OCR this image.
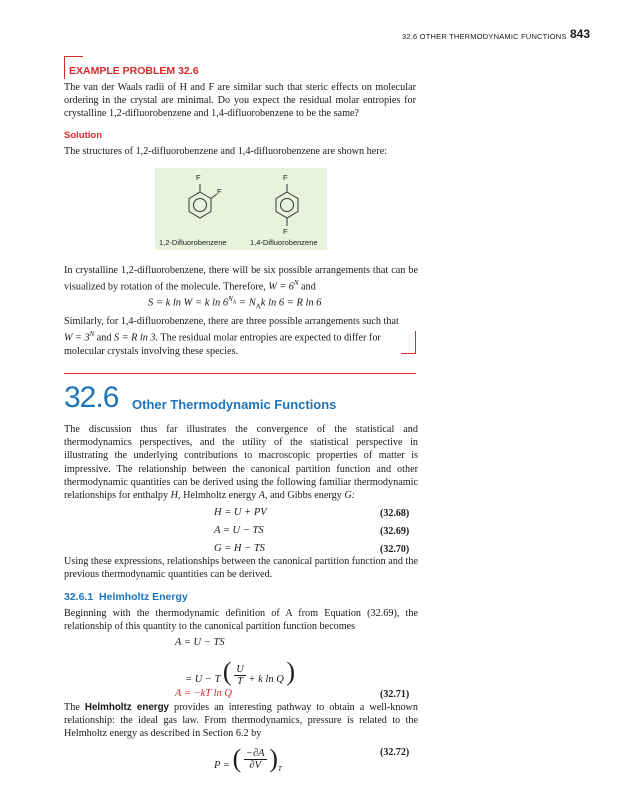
32.6 OTHER THERMODYNAMIC FUNCTIONS 843
EXAMPLE PROBLEM 32.6
The van der Waals radii of H and F are similar such that steric effects on molecular ordering in the crystal are minimal. Do you expect the residual molar entropies for crystalline 1,2-difluorobenzene and 1,4-difluorobenzene to be the same?
Solution
The structures of 1,2-difluorobenzene and 1,4-difluorobenzene are shown here:
F
F
F
F
1,2-Difluorobenzene	1,4-Difluorobenzene
In crystalline 1,2-difluorobenzene, there will be six possible arrangements that can be visualized by rotation of the molecule. Therefore, $W = 6^N$ and
S = k ln W = k $\ln 6^{N_A} = N_Ak$ ln 6 = R ln 6
Similarly, for 1,4-difluorobenzene, there are three possible arrangements such that $W = 3^N$ and S = R ln 3. The residual molar entropies are expected to differ for molecular crystals involving these species.
32.6 Other Thermodynamic Functions
The discussion thus far illustrates the convergence of the statistical and thermodynamics perspectives, and the utility of the statistical perspective in illustrating the underlying contributions to macroscopic properties of matter is impressive. The relationship between the canonical partition function and other thermodynamic quantities can be derived using the following familiar thermodynamic relationships for enthalpy H, Helmholtz energy A, and Gibbs energy G:
H = U + PV	(32.68)
A = U − TS	(32.69)
G = H − TS	(32.70)
Using these expressions, relationships between the canonical partition function and the previous thermodynamic quantities can be derived.
32.6.1 Helmholtz Energy
Beginning with the thermodynamic definition of A from Equation (32.69), the relationship of this quantity to the canonical partition function becomes
A = U − TS
= U − T ( $\frac{U}{T} + k$ ln Q )
A = −kT ln Q	(32.71)
The Helmholtz energy provides an interesting pathway to obtain a well-known relationship: the ideal gas law. From thermodynamics, pressure is related to the Helmholtz energy as described in Section 6.2 by
P = ( $\frac{-\partial A}{\partial V} )_T$
(32.72)
